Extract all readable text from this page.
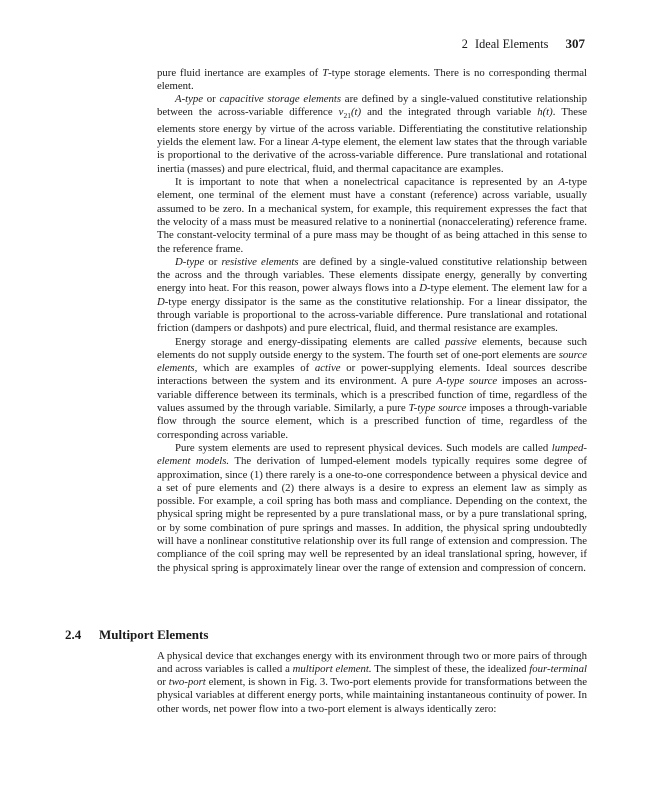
2 Ideal Elements 307

pure fluid inertance are examples of T-type storage elements. There is no corresponding thermal element.

A-type or capacitive storage elements are defined by a single-valued constitutive relationship between the across-variable difference $v_{21}(t)$ and the integrated through variable h(t). These elements store energy by virtue of the across variable. Differentiating the constitutive relationship yields the element law. For a linear A-type element, the element law states that the through variable is proportional to the derivative of the across-variable difference. Pure translational and rotational inertia (masses) and pure electrical, fluid, and thermal capacitance are examples.

It is important to note that when a nonelectrical capacitance is represented by an A-type element, one terminal of the element must have a constant (reference) across variable, usually assumed to be zero. In a mechanical system, for example, this requirement expresses the fact that the velocity of a mass must be measured relative to a noninertial (nonaccelerating) reference frame. The constant-velocity terminal of a pure mass may be thought of as being attached in this sense to the reference frame.

D-type or resistive elements are defined by a single-valued constitutive relationship between the across and the through variables. These elements dissipate energy, generally by converting energy into heat. For this reason, power always flows into a D-type element. The element law for a D-type energy dissipator is the same as the constitutive relationship. For a linear dissipator, the through variable is proportional to the across-variable difference. Pure translational and rotational friction (dampers or dashpots) and pure electrical, fluid, and thermal resistance are examples.

Energy storage and energy-dissipating elements are called passive elements, because such elements do not supply outside energy to the system. The fourth set of one-port elements are source elements, which are examples of active or power-supplying elements. Ideal sources describe interactions between the system and its environment. A pure A-type source imposes an across-variable difference between its terminals, which is a prescribed function of time, regardless of the values assumed by the through variable. Similarly, a pure T-type source imposes a through-variable flow through the source element, which is a prescribed function of time, regardless of the corresponding across variable.

Pure system elements are used to represent physical devices. Such models are called lumped-element models. The derivation of lumped-element models typically requires some degree of approximation, since (1) there rarely is a one-to-one correspondence between a physical device and a set of pure elements and (2) there always is a desire to express an element law as simply as possible. For example, a coil spring has both mass and compliance. Depending on the context, the physical spring might be represented by a pure translational mass, or by a pure translational spring, or by some combination of pure springs and masses. In addition, the physical spring undoubtedly will have a nonlinear constitutive relationship over its full range of extension and compression. The compliance of the coil spring may well be represented by an ideal translational spring, however, if the physical spring is approximately linear over the range of extension and compression of concern.

2.4 Multiport Elements

A physical device that exchanges energy with its environment through two or more pairs of through and across variables is called a multiport element. The simplest of these, the idealized four-terminal or two-port element, is shown in Fig. 3. Two-port elements provide for transformations between the physical variables at different energy ports, while maintaining instantaneous continuity of power. In other words, net power flow into a two-port element is always identically zero:
